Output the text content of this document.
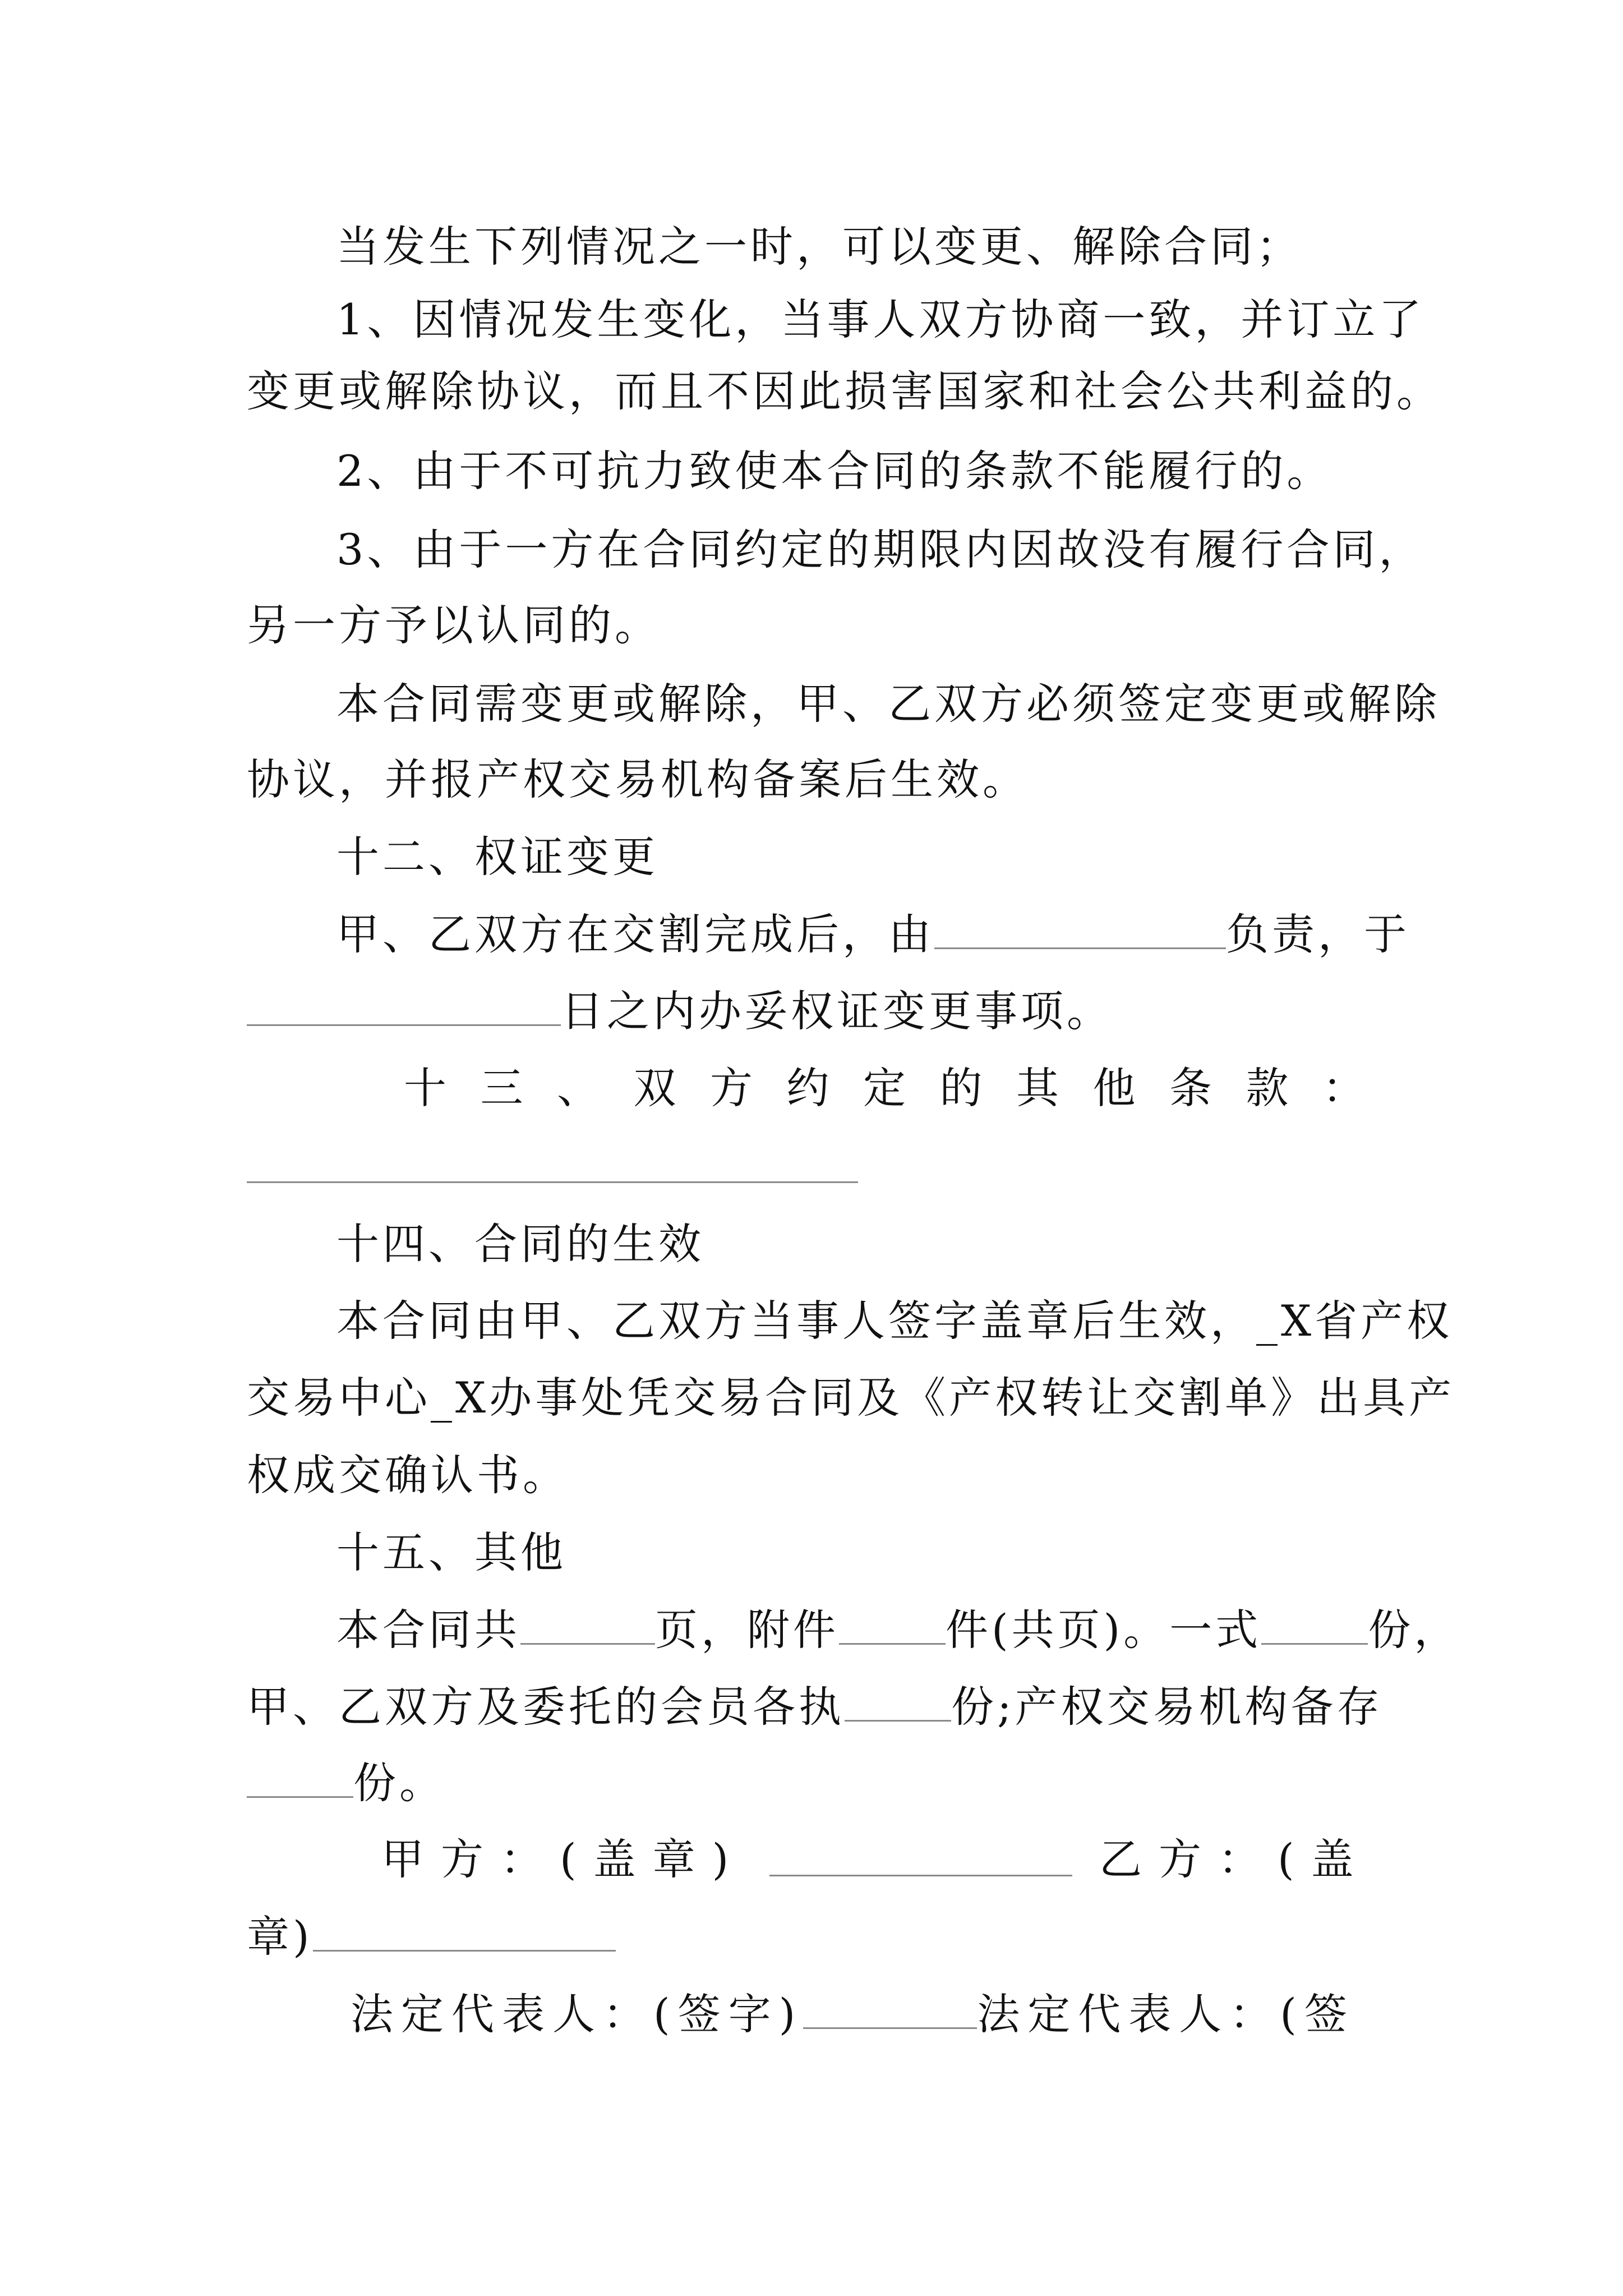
当发生下列情况之一时，可以变更、解除合同；
1、因情况发生变化，当事人双方协商一致，并订立了
变更或解除协议，而且不因此损害国家和社会公共利益的。
2、由于不可抗力致使本合同的条款不能履行的。
3、由于一方在合同约定的期限内因故没有履行合同，
另一方予以认同的。
本合同需变更或解除，甲、乙双方必须签定变更或解除
协议，并报产权交易机构备案后生效。
十二、权证变更
甲、乙双方在交割完成后，由	负责，于
日之内办妥权证变更事项。
十三、双方约定的其他条款：
十四、合同的生效
本合同由甲、乙双方当事人签字盖章后生效，_X省产权
交易中心_X办事处凭交易合同及《产权转让交割单》出具产
权成交确认书。
十五、其他
本合同共	页，附件	件(共页)。一式	份，
甲、乙双方及委托的会员各执	份;产权交易机构备存
份。
甲方：(盖章)	乙方：(盖
章)
法定代表人：(签字)	法定代表人：(签
